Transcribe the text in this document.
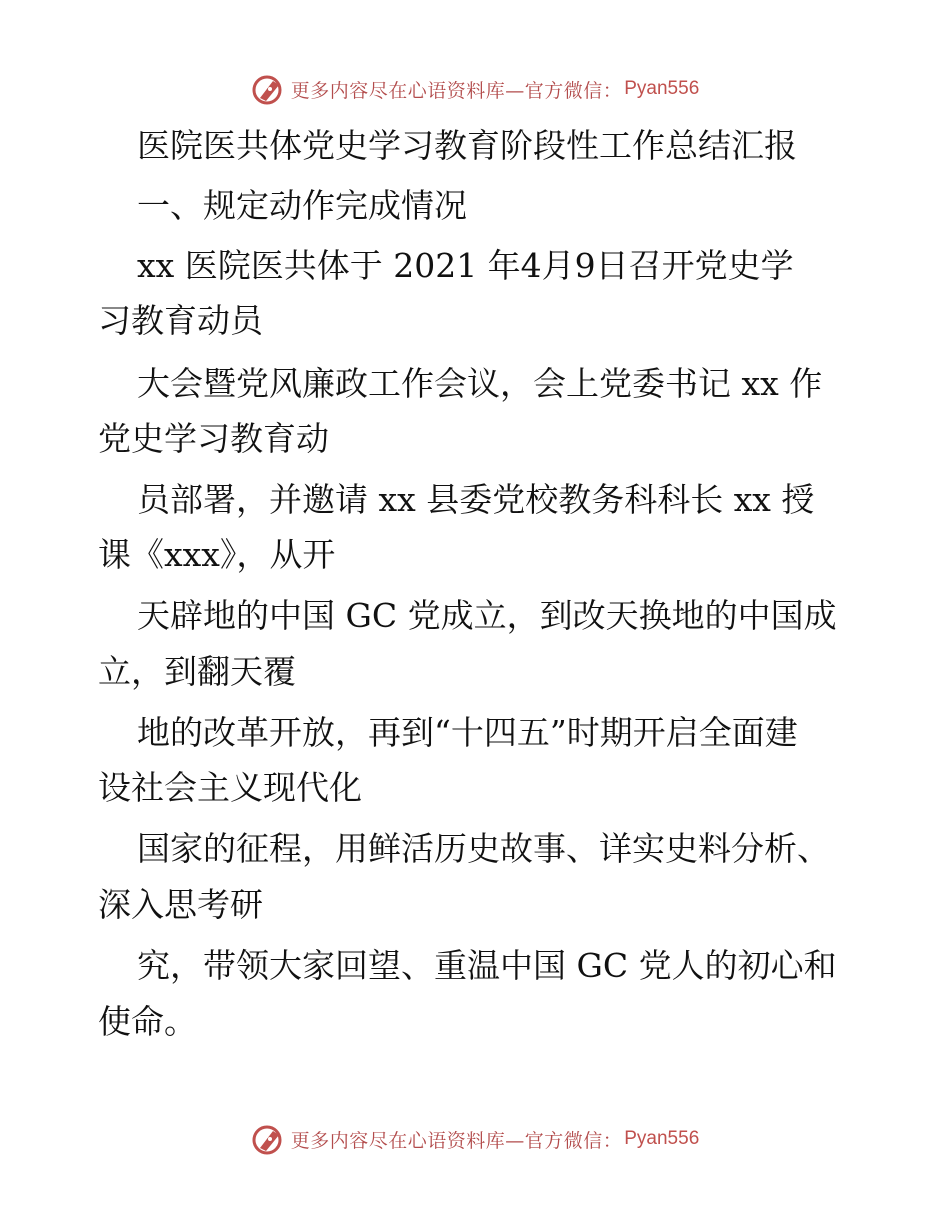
更多内容尽在心语资料库—官方微信： Pyan556
医院医共体党史学习教育阶段性工作总结汇报
一、规定动作完成情况
xx 医院医共体于 2021 年4月9日召开党史学
习教育动员
大会暨党风廉政工作会议，会上党委书记 xx 作
党史学习教育动
员部署，并邀请 xx 县委党校教务科科长 xx 授
课《xxx》，从开
天辟地的中国 GC 党成立，到改天换地的中国成
立，到翻天覆
地的改革开放，再到“十四五”时期开启全面建
设社会主义现代化
国家的征程，用鲜活历史故事、详实史料分析、
深入思考研
究，带领大家回望、重温中国 GC 党人的初心和
使命。
更多内容尽在心语资料库—官方微信： Pyan556
